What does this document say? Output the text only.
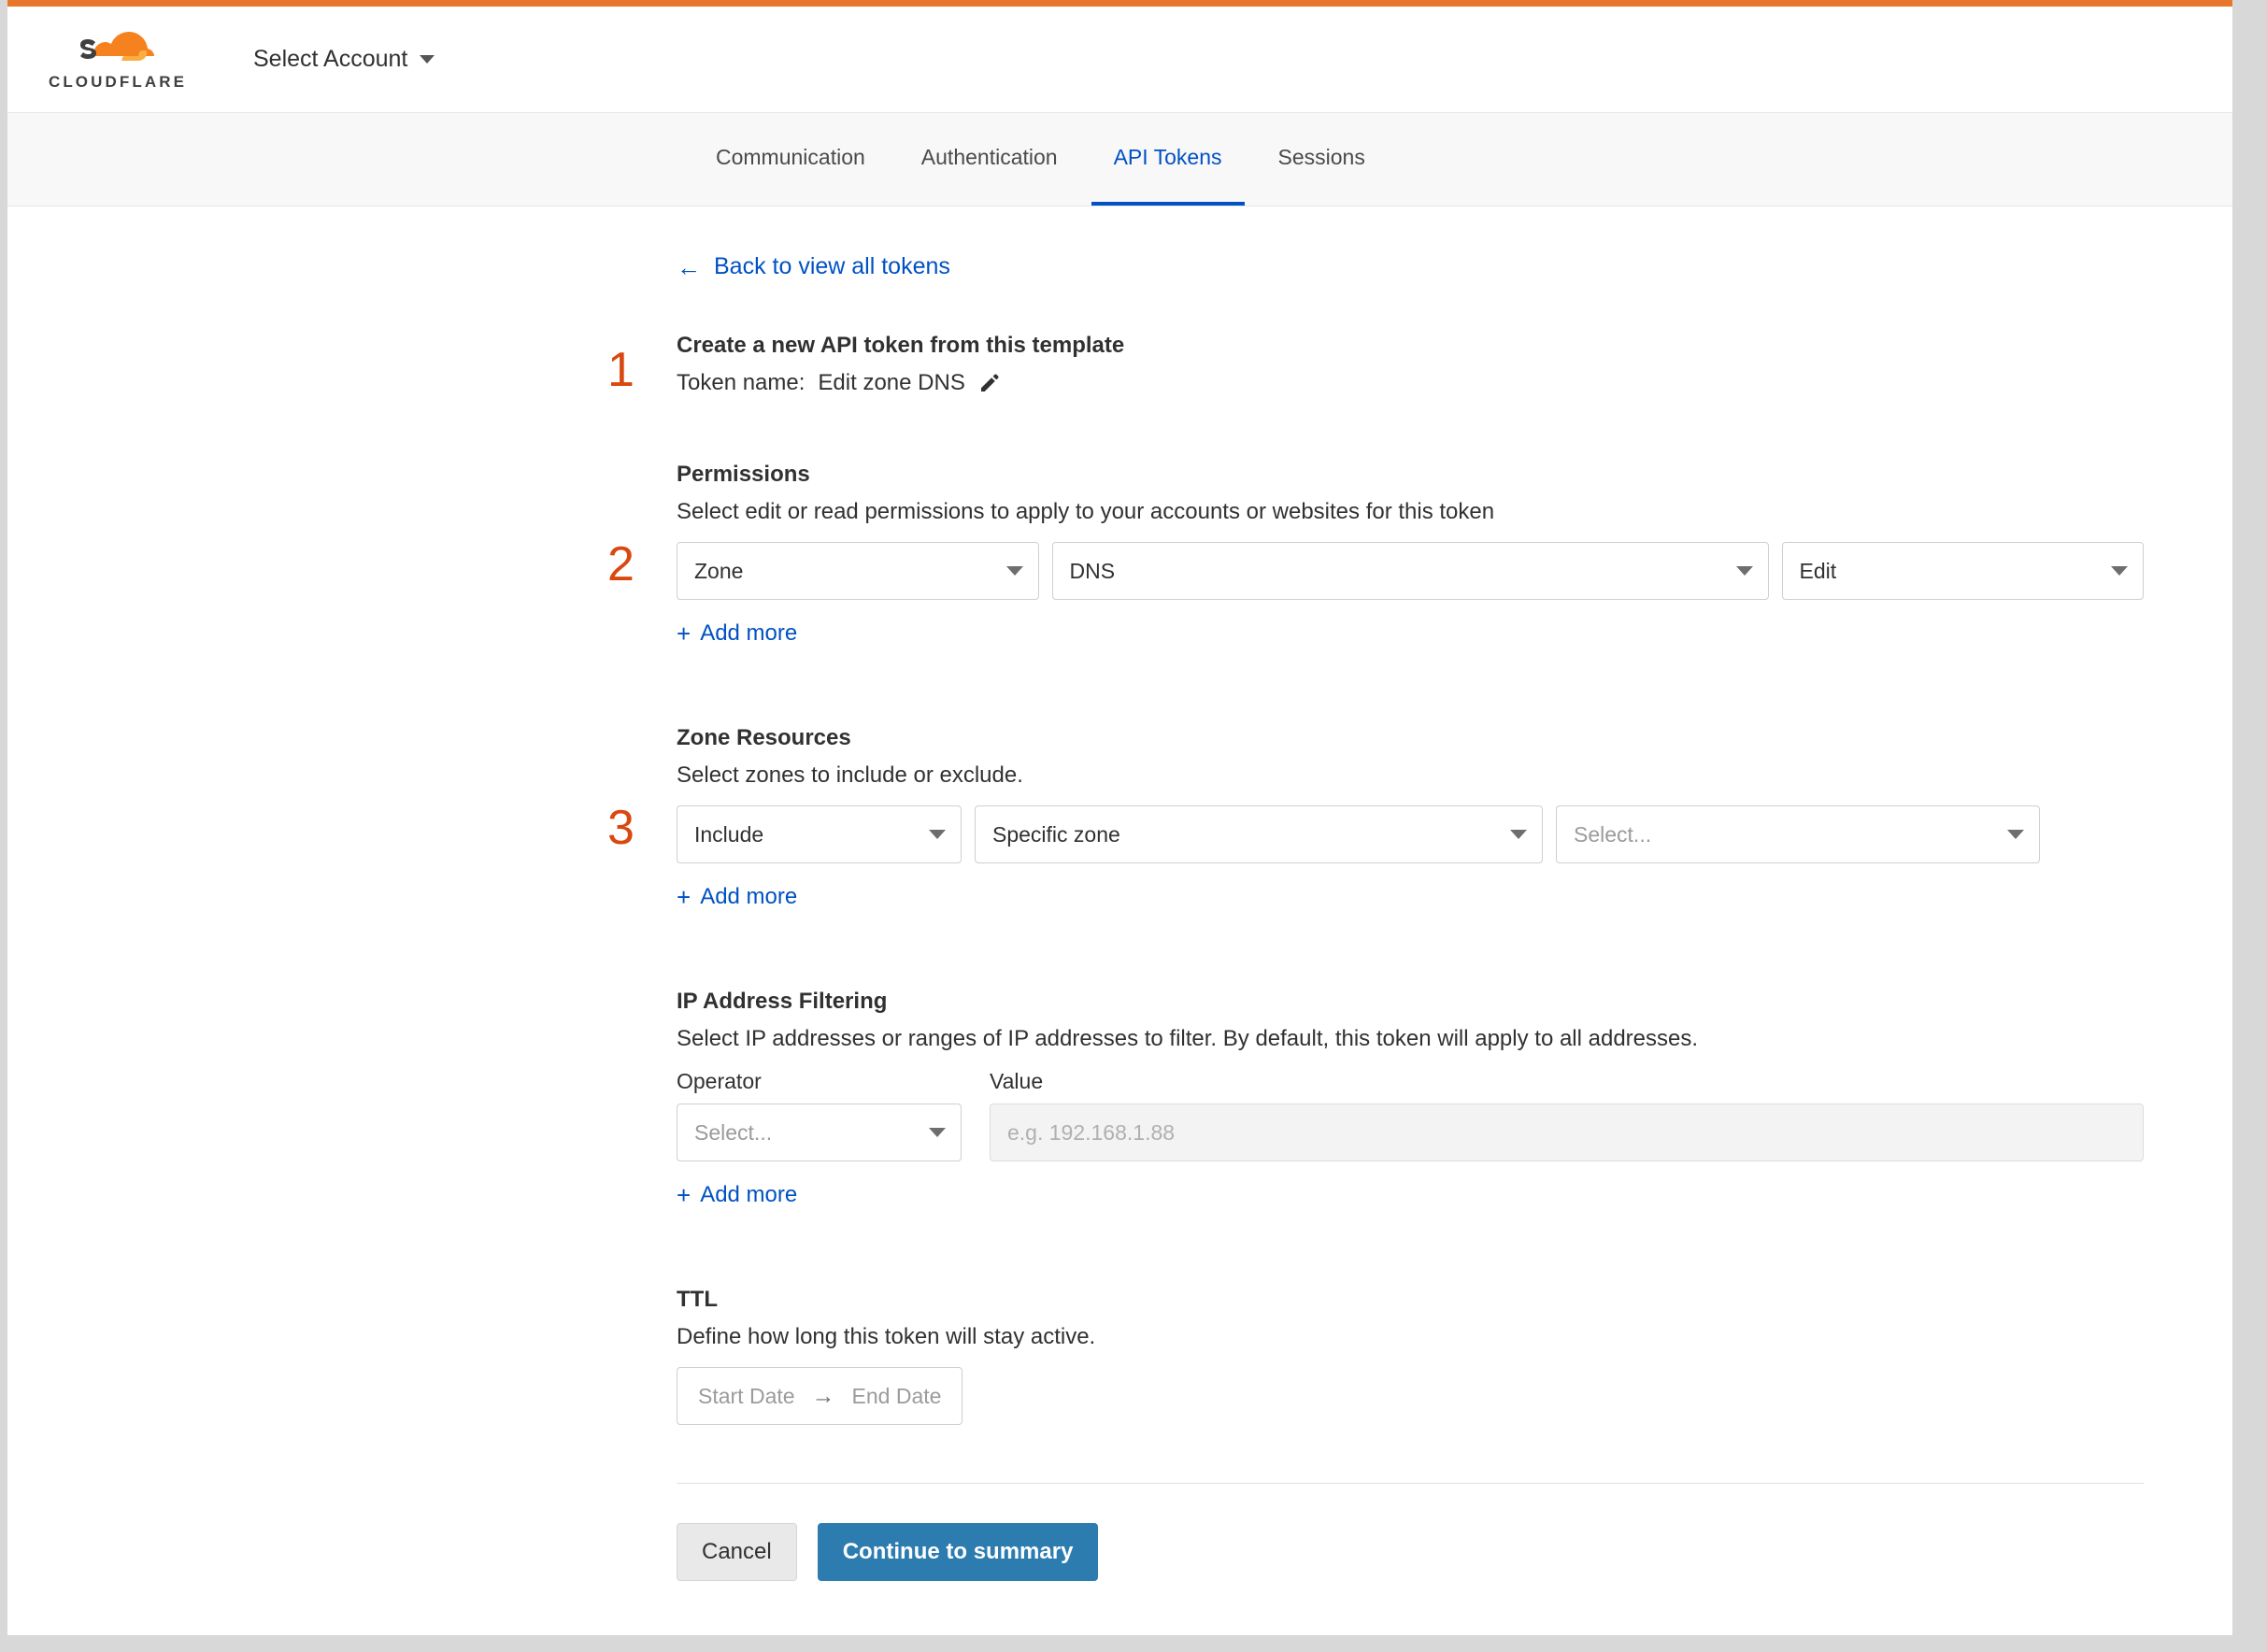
CLOUDFLARE
Select Account
Communication	Authentication	API Tokens	Sessions
← Back to view all tokens
1 Create a new API token from this template
Token name: Edit zone DNS
2
Permissions

Select edit or read permissions to apply to your accounts or websites for this token

Zone	DNS	Edit
+ Add more
3
Zone Resources

Select zones to include or exclude.

Include	Specific zone	Select...
+ Add more
IP Address Filtering

Select IP addresses or ranges of IP addresses to filter. By default, this token will apply to all addresses.

Operator
Select...
Value
e.g. 192.168.1.88
+ Add more
TTL

Define how long this token will stay active.

Start Date → End Date
Cancel	Continue to summary
